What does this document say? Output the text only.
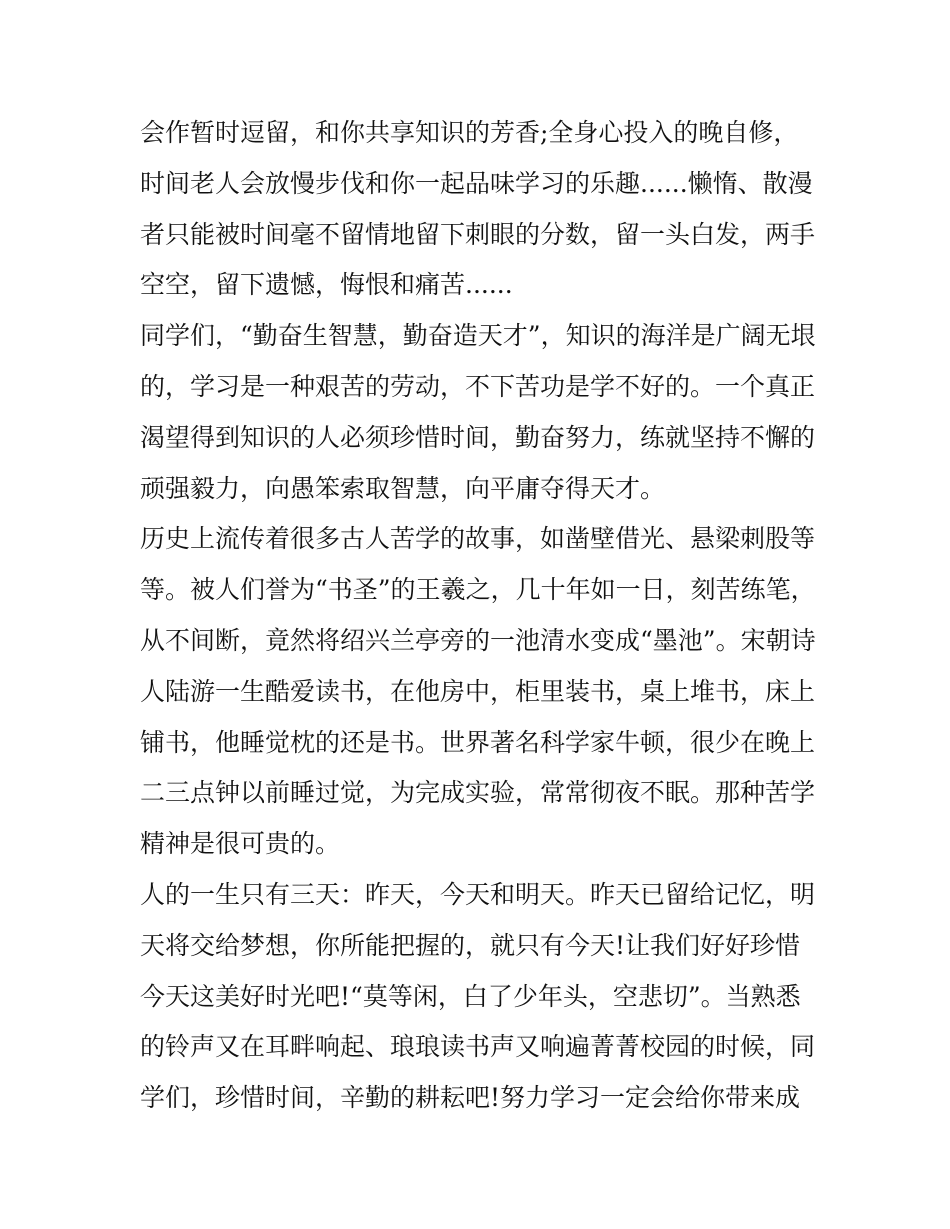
会作暂时逗留，和你共享知识的芳香;全身心投入的晚自修，
时间老人会放慢步伐和你一起品味学习的乐趣......懒惰、散漫
者只能被时间毫不留情地留下刺眼的分数，留一头白发，两手
空空，留下遗憾，悔恨和痛苦......
同学们，“勤奋生智慧，勤奋造天才”，知识的海洋是广阔无垠
的，学习是一种艰苦的劳动，不下苦功是学不好的。一个真正
渴望得到知识的人必须珍惜时间，勤奋努力，练就坚持不懈的
顽强毅力，向愚笨索取智慧，向平庸夺得天才。
历史上流传着很多古人苦学的故事，如凿壁借光、悬梁刺股等
等。被人们誉为“书圣”的王羲之，几十年如一日，刻苦练笔，
从不间断，竟然将绍兴兰亭旁的一池清水变成“墨池”。宋朝诗
人陆游一生酷爱读书，在他房中，柜里装书，桌上堆书，床上
铺书，他睡觉枕的还是书。世界著名科学家牛顿，很少在晚上
二三点钟以前睡过觉，为完成实验，常常彻夜不眠。那种苦学
精神是很可贵的。
人的一生只有三天：昨天，今天和明天。昨天已留给记忆，明
天将交给梦想，你所能把握的，就只有今天!让我们好好珍惜
今天这美好时光吧!“莫等闲，白了少年头，空悲切”。当熟悉
的铃声又在耳畔响起、琅琅读书声又响遍菁菁校园的时候，同
学们，珍惜时间，辛勤的耕耘吧!努力学习一定会给你带来成
